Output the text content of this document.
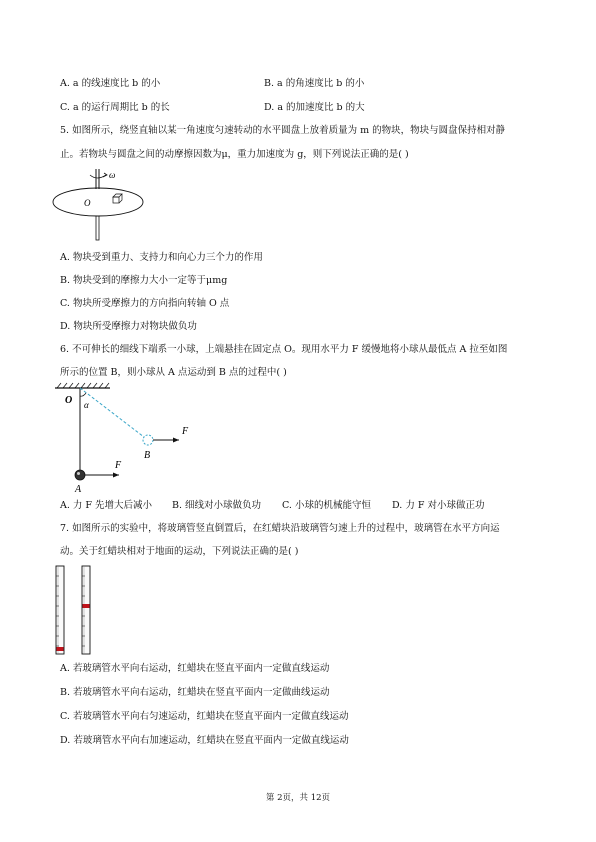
A. a 的线速度比 b 的小	B. a 的角速度比 b 的小
C. a 的运行周期比 b 的长	D. a 的加速度比 b 的大
5. 如图所示，绕竖直轴以某一角速度匀速转动的水平圆盘上放着质量为 m 的物块，物块与圆盘保持相对静
止。若物块与圆盘之间的动摩擦因数为μ，重力加速度为 g，则下列说法正确的是( )
ω
O
A. 物块受到重力、支持力和向心力三个力的作用
B. 物块受到的摩擦力大小一定等于μmg
C. 物块所受摩擦力的方向指向转轴 O 点
D. 物块所受摩擦力对物块做负功
6. 不可伸长的细线下端系一小球，上端悬挂在固定点 O。现用水平力 F 缓慢地将小球从最低点 A 拉至如图
所示的位置 B，则小球从 A 点运动到 B 点的过程中( )
O α
F
B
F
A
A. 力 F 先增大后减小 B. 细线对小球做负功 C. 小球的机械能守恒 D. 力 F 对小球做正功
7. 如图所示的实验中，将玻璃管竖直倒置后，在红蜡块沿玻璃管匀速上升的过程中，玻璃管在水平方向运
动。关于红蜡块相对于地面的运动，下列说法正确的是( )
A. 若玻璃管水平向右运动，红蜡块在竖直平面内一定做直线运动
B. 若玻璃管水平向右运动，红蜡块在竖直平面内一定做曲线运动
C. 若玻璃管水平向右匀速运动，红蜡块在竖直平面内一定做直线运动
D. 若玻璃管水平向右加速运动，红蜡块在竖直平面内一定做直线运动
第 2页，共 12页
